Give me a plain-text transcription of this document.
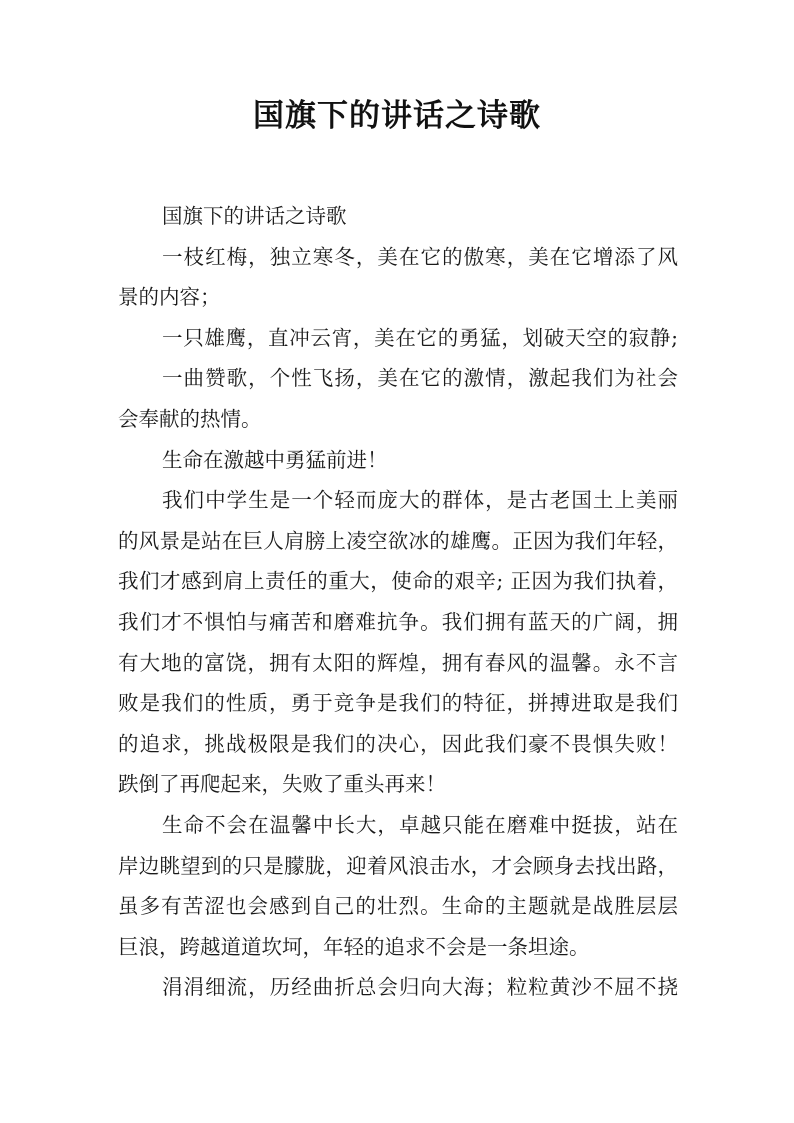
国旗下的讲话之诗歌
国旗下的讲话之诗歌
一枝红梅，独立寒冬，美在它的傲寒，美在它增添了风
景的内容；
一只雄鹰，直冲云宵，美在它的勇猛，划破天空的寂静;
一曲赞歌，个性飞扬，美在它的激情，激起我们为社会
会奉献的热情。
生命在激越中勇猛前进！
我们中学生是一个轻而庞大的群体，是古老国土上美丽
的风景是站在巨人肩膀上凌空欲冰的雄鹰。正因为我们年轻，
我们才感到肩上责任的重大，使命的艰辛; 正因为我们执着，
我们才不惧怕与痛苦和磨难抗争。我们拥有蓝天的广阔，拥
有大地的富饶，拥有太阳的辉煌，拥有春风的温馨。永不言
败是我们的性质，勇于竞争是我们的特征，拼搏进取是我们
的追求，挑战极限是我们的决心，因此我们豪不畏惧失败！
跌倒了再爬起来，失败了重头再来！
生命不会在温馨中长大，卓越只能在磨难中挺拔，站在
岸边眺望到的只是朦胧，迎着风浪击水，才会顾身去找出路，
虽多有苦涩也会感到自己的壮烈。生命的主题就是战胜层层
巨浪，跨越道道坎坷，年轻的追求不会是一条坦途。
涓涓细流，历经曲折总会归向大海；粒粒黄沙不屈不挠
